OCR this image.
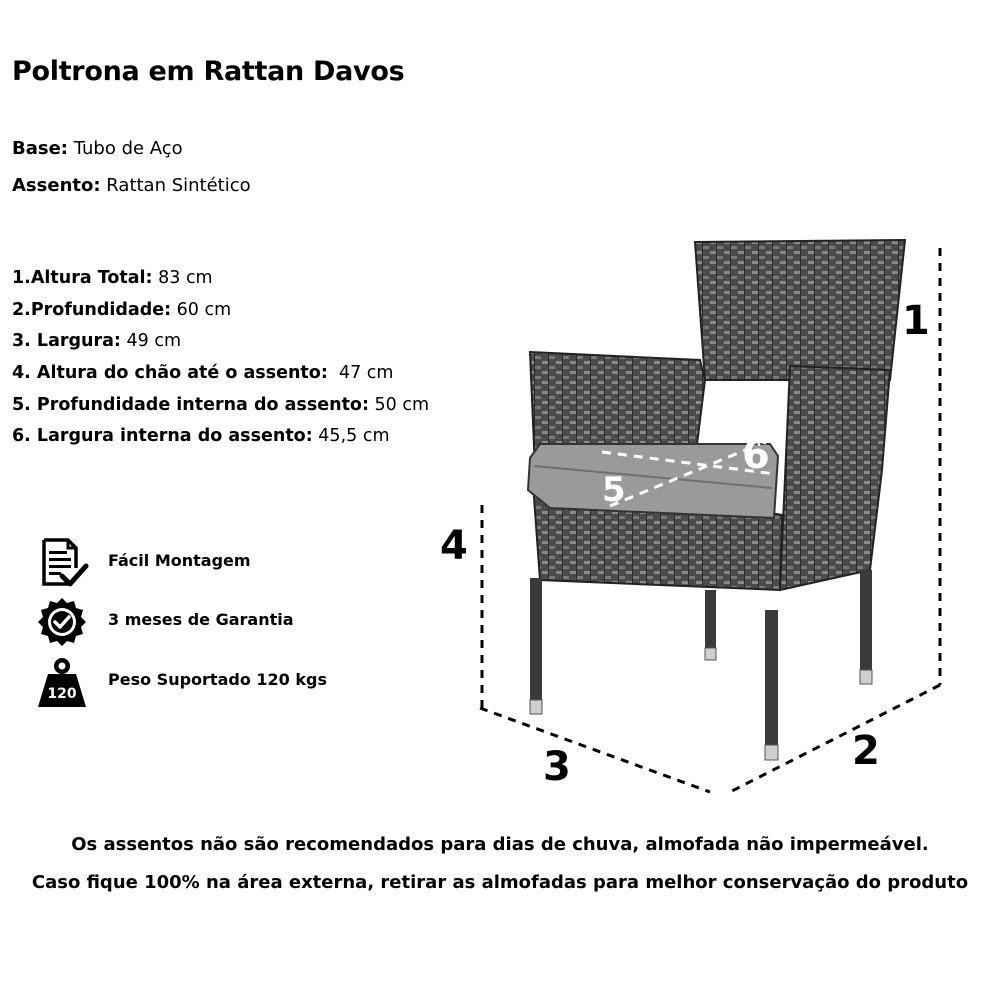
Poltrona em Rattan Davos
Base: Tubo de Aço
Assento: Rattan Sintético
1.Altura Total: 83 cm
2.Profundidade: 60 cm
3. Largura: 49 cm
4. Altura do chão até o assento: 47 cm
5. Profundidade interna do assento: 50 cm
6. Largura interna do assento: 45,5 cm
Fácil Montagem
3 meses de Garantia
120
Peso Suportado 120 kgs
1
2
3
4
5
6
Os assentos não são recomendados para dias de chuva, almofada não impermeável.
Caso fique 100% na área externa, retirar as almofadas para melhor conservação do produto
